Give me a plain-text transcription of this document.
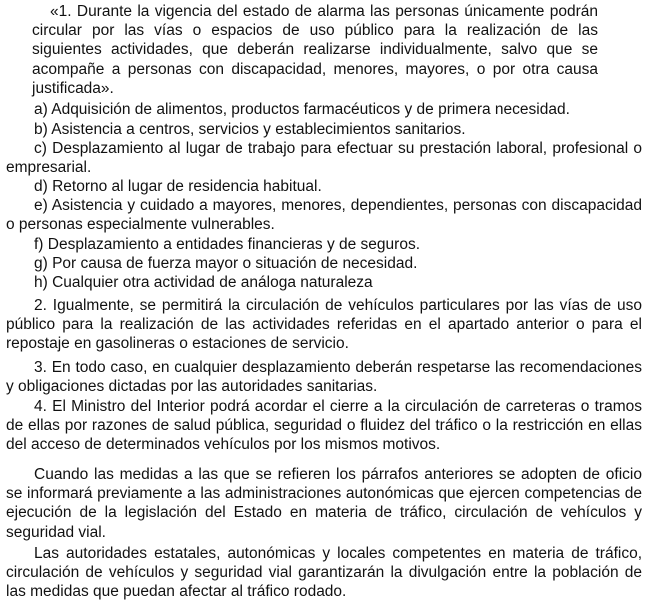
«1. Durante la vigencia del estado de alarma las personas únicamente podrán circular por las vías o espacios de uso público para la realización de las siguientes actividades, que deberán realizarse individualmente, salvo que se acompañe a personas con discapacidad, menores, mayores, o por otra causa justificada».

a) Adquisición de alimentos, productos farmacéuticos y de primera necesidad.

b) Asistencia a centros, servicios y establecimientos sanitarios.

c) Desplazamiento al lugar de trabajo para efectuar su prestación laboral, profesional o empresarial.

d) Retorno al lugar de residencia habitual.

e) Asistencia y cuidado a mayores, menores, dependientes, personas con discapacidad o personas especialmente vulnerables.

f) Desplazamiento a entidades financieras y de seguros.

g) Por causa de fuerza mayor o situación de necesidad.

h) Cualquier otra actividad de análoga naturaleza

2. Igualmente, se permitirá la circulación de vehículos particulares por las vías de uso público para la realización de las actividades referidas en el apartado anterior o para el repostaje en gasolineras o estaciones de servicio.

3. En todo caso, en cualquier desplazamiento deberán respetarse las recomendaciones y obligaciones dictadas por las autoridades sanitarias.

4. El Ministro del Interior podrá acordar el cierre a la circulación de carreteras o tramos de ellas por razones de salud pública, seguridad o fluidez del tráfico o la restricción en ellas del acceso de determinados vehículos por los mismos motivos.

Cuando las medidas a las que se refieren los párrafos anteriores se adopten de oficio se informará previamente a las administraciones autonómicas que ejercen competencias de ejecución de la legislación del Estado en materia de tráfico, circulación de vehículos y seguridad vial.

Las autoridades estatales, autonómicas y locales competentes en materia de tráfico, circulación de vehículos y seguridad vial garantizarán la divulgación entre la población de las medidas que puedan afectar al tráfico rodado.
